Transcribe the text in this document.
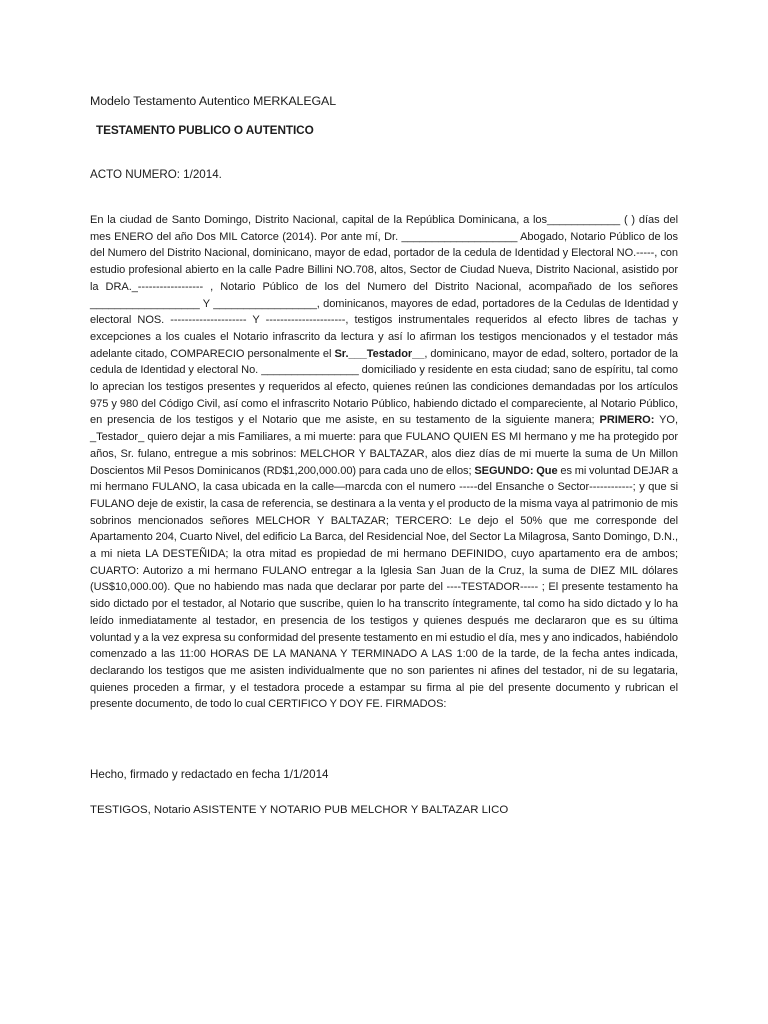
Modelo Testamento Autentico MERKALEGAL
TESTAMENTO PUBLICO O AUTENTICO
ACTO NUMERO: 1/2014.
En la ciudad de Santo Domingo, Distrito Nacional, capital de la República Dominicana, a los____________ ( ) días del mes ENERO del año Dos MIL Catorce (2014). Por ante mí, Dr. ___________________ Abogado, Notario Público de los del Numero del Distrito Nacional, dominicano, mayor de edad, portador de la cedula de Identidad y Electoral NO.-----, con estudio profesional abierto en la calle Padre Billini NO.708, altos, Sector de Ciudad Nueva, Distrito Nacional, asistido por la DRA._------------------ , Notario Público de los del Numero del Distrito Nacional, acompañado de los señores __________________ Y _________________, dominicanos, mayores de edad, portadores de la Cedulas de Identidad y electoral NOS. --------------------- Y ----------------------, testigos instrumentales requeridos al efecto libres de tachas y excepciones a los cuales el Notario infrascrito da lectura y así lo afirman los testigos mencionados y el testador más adelante citado, COMPARECIO personalmente el Sr.___Testador__, dominicano, mayor de edad, soltero, portador de la cedula de Identidad y electoral No. ________________ domiciliado y residente en esta ciudad; sano de espíritu, tal como lo aprecian los testigos presentes y requeridos al efecto, quienes reúnen las condiciones demandadas por los artículos 975 y 980 del Código Civil, así como el infrascrito Notario Público, habiendo dictado el compareciente, al Notario Público, en presencia de los testigos y el Notario que me asiste, en su testamento de la siguiente manera; PRIMERO: YO, _Testador_ quiero dejar a mis Familiares, a mi muerte: para que FULANO QUIEN ES MI hermano y me ha protegido por años, Sr. fulano, entregue a mis sobrinos: MELCHOR Y BALTAZAR, alos diez días de mi muerte la suma de Un Millon Doscientos Mil Pesos Dominicanos (RD$1,200,000.00) para cada uno de ellos; SEGUNDO: Que es mi voluntad DEJAR a mi hermano FULANO, la casa ubicada en la calle—marcda con el numero -----del Ensanche o Sector------------; y que si FULANO deje de existir, la casa de referencia, se destinara a la venta y el producto de la misma vaya al patrimonio de mis sobrinos mencionados señores MELCHOR Y BALTAZAR; TERCERO: Le dejo el 50% que me corresponde del Apartamento 204, Cuarto Nivel, del edificio La Barca, del Residencial Noe, del Sector La Milagrosa, Santo Domingo, D.N., a mi nieta LA DESTEÑIDA; la otra mitad es propiedad de mi hermano DEFINIDO, cuyo apartamento era de ambos; CUARTO: Autorizo a mi hermano FULANO entregar a la Iglesia San Juan de la Cruz, la suma de DIEZ MIL dólares (US$10,000.00). Que no habiendo mas nada que declarar por parte del ----TESTADOR----- ; El presente testamento ha sido dictado por el testador, al Notario que suscribe, quien lo ha transcrito íntegramente, tal como ha sido dictado y lo ha leído inmediatamente al testador, en presencia de los testigos y quienes después me declararon que es su última voluntad y a la vez expresa su conformidad del presente testamento en mi estudio el día, mes y ano indicados, habiéndolo comenzado a las 11:00 HORAS DE LA MANANA Y TERMINADO A LAS 1:00 de la tarde, de la fecha antes indicada, declarando los testigos que me asisten individualmente que no son parientes ni afines del testador, ni de su legataria, quienes proceden a firmar, y el testadora procede a estampar su firma al pie del presente documento y rubrican el presente documento, de todo lo cual CERTIFICO Y DOY FE. FIRMADOS:
Hecho, firmado y redactado en fecha 1/1/2014
TESTIGOS, Notario ASISTENTE Y NOTARIO PUB MELCHOR Y BALTAZAR LICO
